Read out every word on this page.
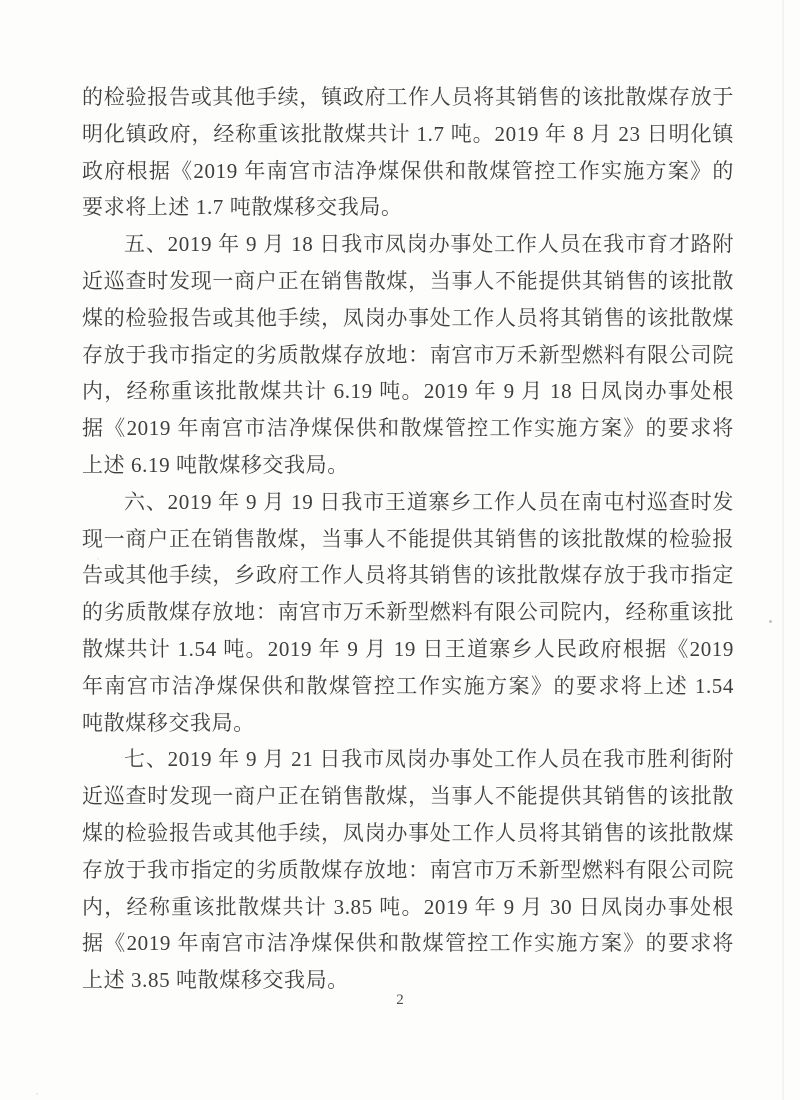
的检验报告或其他手续，镇政府工作人员将其销售的该批散煤存放于明化镇政府，经称重该批散煤共计 1.7 吨。2019 年 8 月 23 日明化镇政府根据《2019 年南宫市洁净煤保供和散煤管控工作实施方案》的要求将上述 1.7 吨散煤移交我局。

五、2019 年 9 月 18 日我市凤岗办事处工作人员在我市育才路附近巡查时发现一商户正在销售散煤，当事人不能提供其销售的该批散煤的检验报告或其他手续，凤岗办事处工作人员将其销售的该批散煤存放于我市指定的劣质散煤存放地：南宫市万禾新型燃料有限公司院内，经称重该批散煤共计 6.19 吨。2019 年 9 月 18 日凤岗办事处根据《2019 年南宫市洁净煤保供和散煤管控工作实施方案》的要求将上述 6.19 吨散煤移交我局。

六、2019 年 9 月 19 日我市王道寨乡工作人员在南屯村巡查时发现一商户正在销售散煤，当事人不能提供其销售的该批散煤的检验报告或其他手续，乡政府工作人员将其销售的该批散煤存放于我市指定的劣质散煤存放地：南宫市万禾新型燃料有限公司院内，经称重该批散煤共计 1.54 吨。2019 年 9 月 19 日王道寨乡人民政府根据《2019 年南宫市洁净煤保供和散煤管控工作实施方案》的要求将上述 1.54 吨散煤移交我局。

七、2019 年 9 月 21 日我市凤岗办事处工作人员在我市胜利街附近巡查时发现一商户正在销售散煤，当事人不能提供其销售的该批散煤的检验报告或其他手续，凤岗办事处工作人员将其销售的该批散煤存放于我市指定的劣质散煤存放地：南宫市万禾新型燃料有限公司院内，经称重该批散煤共计 3.85 吨。2019 年 9 月 30 日凤岗办事处根据《2019 年南宫市洁净煤保供和散煤管控工作实施方案》的要求将上述 3.85 吨散煤移交我局。

2
